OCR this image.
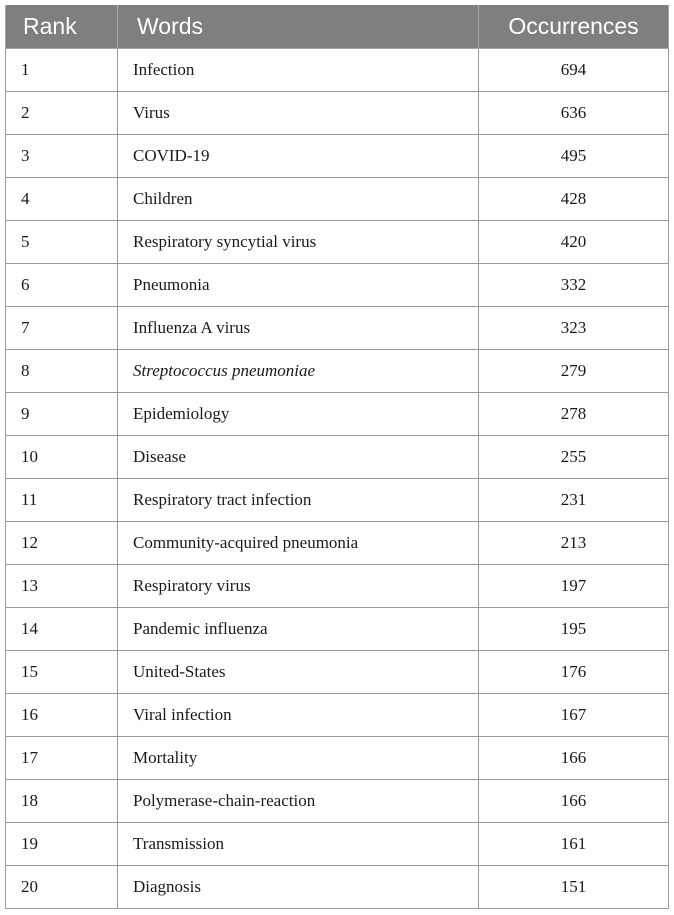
Rank	Words	Occurrences
1	Infection	694
2	Virus	636
3	COVID-19	495
4	Children	428
5	Respiratory syncytial virus	420
6	Pneumonia	332
7	Influenza A virus	323
8	Streptococcus pneumoniae	279
9	Epidemiology	278
10	Disease	255
11	Respiratory tract infection	231
12	Community-acquired pneumonia	213
13	Respiratory virus	197
14	Pandemic influenza	195
15	United-States	176
16	Viral infection	167
17	Mortality	166
18	Polymerase-chain-reaction	166
19	Transmission	161
20	Diagnosis	151
